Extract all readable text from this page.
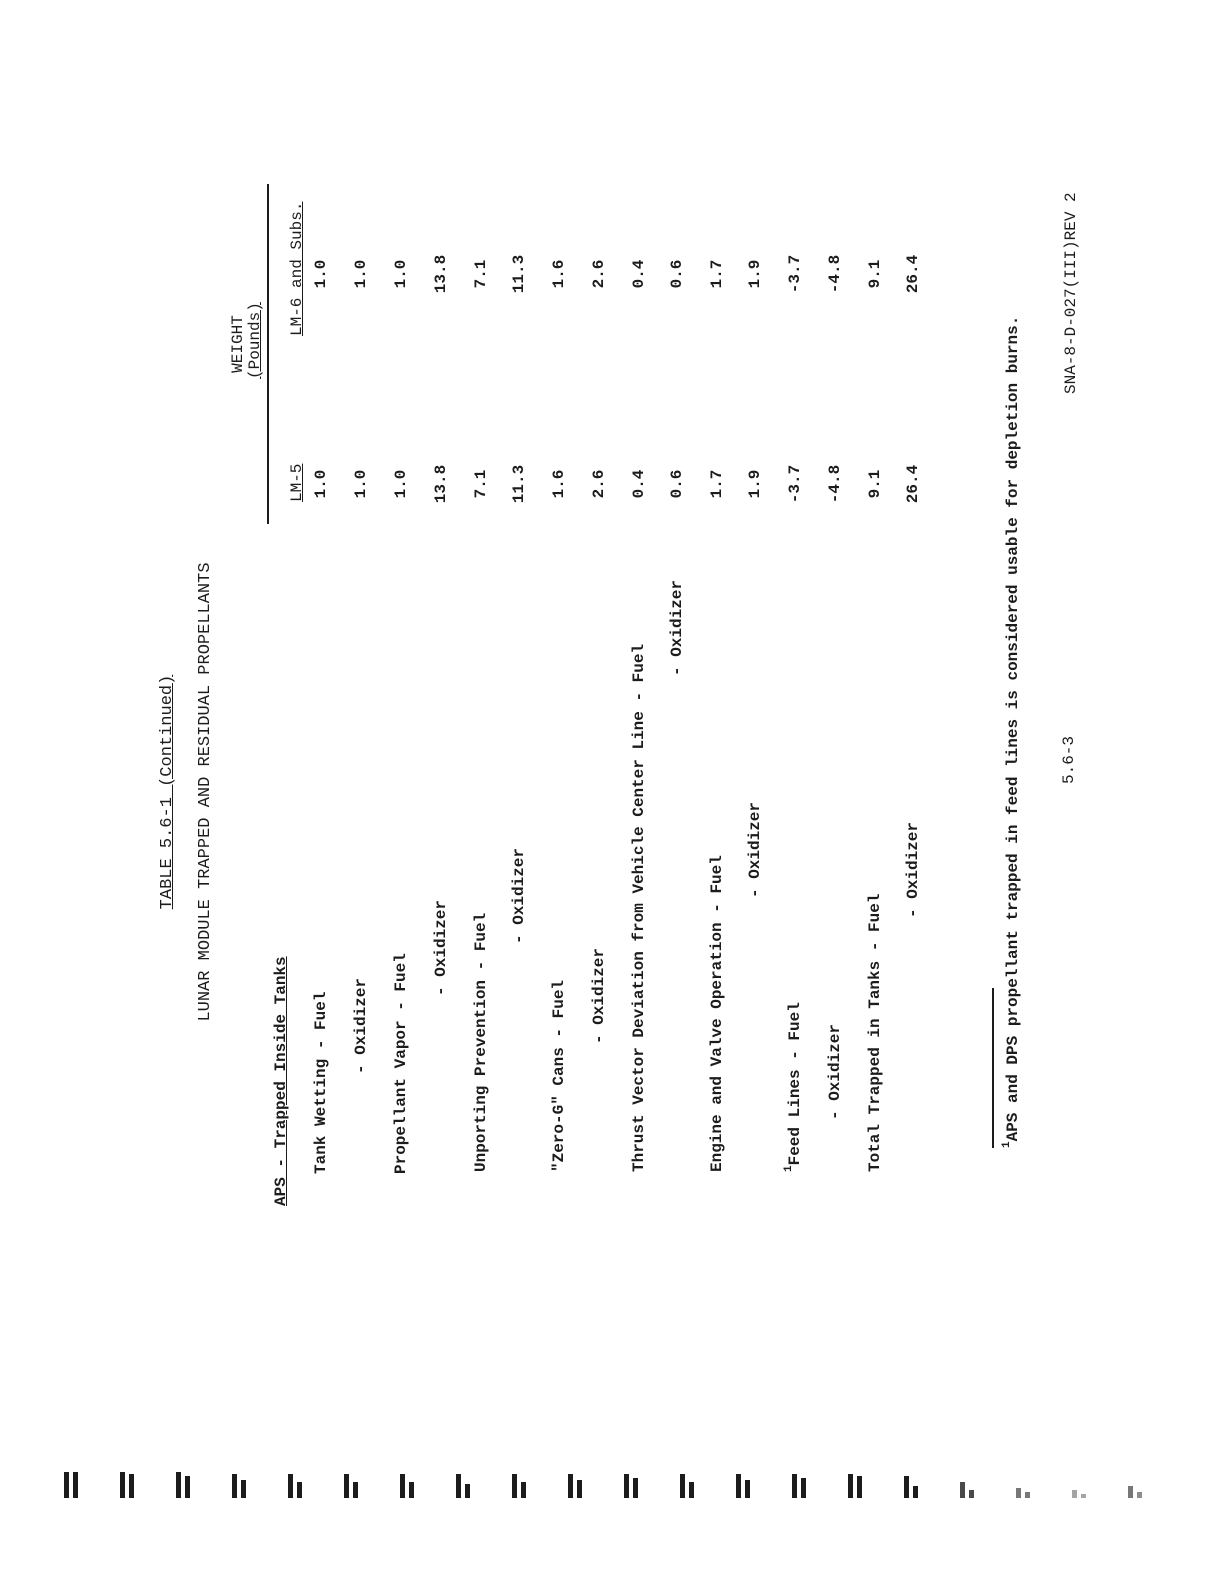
TABLE 5.6-1 (Continued) LUNAR MODULE TRAPPED AND RESIDUAL PROPELLANTS
WEIGHT (Pounds)
LM-5
LM-6 and Subs.
APS - Trapped Inside Tanks Tank Wetting - Fuel
1.0
1.0
- Oxidizer
1.0
1.0
Propellant Vapor - Fuel
1.0
1.0
- Oxidizer
13.8
13.8
Unporting Prevention - Fuel
7.1
7.1
- Oxidizer
11.3
11.3
"Zero-G" Cans - Fuel
1.6
1.6
- Oxidizer
2.6
2.6
Thrust Vector Deviation from Vehicle Center Line - Fuel
0.4
0.4
- Oxidizer
0.6
0.6
Engine and Valve Operation - Fuel
1.7
1.7
- Oxidizer
1.9
1.9
$^1$Feed Lines - Fuel
-3.7
-3.7
- Oxidizer
-4.8
-4.8
Total Trapped in Tanks - Fuel
9.1
9.1
- Oxidizer
26.4
26.4
$^1$APS and DPS propellant trapped in feed lines is considered usable for depletion burns. 5.6-3
SNA-8-D-027(III)REV 2
